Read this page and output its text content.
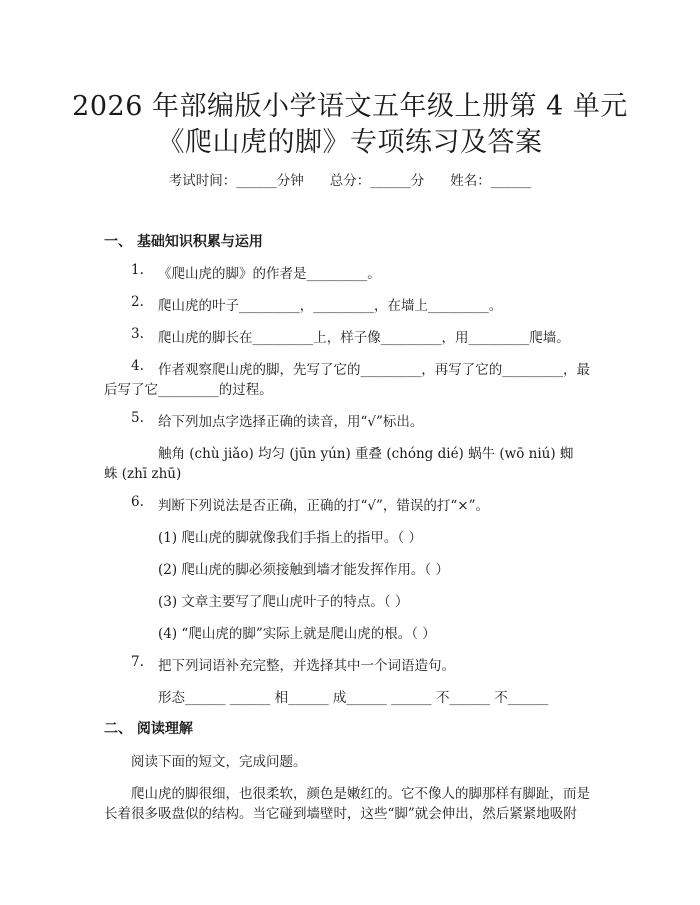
2026 年部编版小学语文五年级上册第 4 单元
《爬山虎的脚》专项练习及答案
考试时间：______分钟 总分：______分 姓名：______
一、 基础知识积累与运用
1. 《爬山虎的脚》的作者是_________。
2. 爬山虎的叶子_________，_________，在墙上_________。
3. 爬山虎的脚长在_________上，样子像_________，用_________爬墙。
4. 作者观察爬山虎的脚，先写了它的_________，再写了它的_________，最
后写了它_________的过程。
5. 给下列加点字选择正确的读音，用“√”标出。
触角 (chù jiǎo) 均匀 (jūn yún) 重叠 (chóng dié) 蜗牛 (wō niú) 蜘
蛛 (zhī zhū)
6. 判断下列说法是否正确，正确的打“√”，错误的打“×”。
(1) 爬山虎的脚就像我们手指上的指甲。（ ）
(2) 爬山虎的脚必须接触到墙才能发挥作用。（ ）
(3) 文章主要写了爬山虎叶子的特点。（ ）
(4) “爬山虎的脚”实际上就是爬山虎的根。（ ）
7. 把下列词语补充完整，并选择其中一个词语造句。
形态______ ______ 相______ 成______ ______ 不______ 不______
二、 阅读理解
阅读下面的短文，完成问题。
爬山虎的脚很细，也很柔软，颜色是嫩红的。它不像人的脚那样有脚趾，而是
长着很多吸盘似的结构。当它碰到墙壁时，这些“脚”就会伸出，然后紧紧地吸附
